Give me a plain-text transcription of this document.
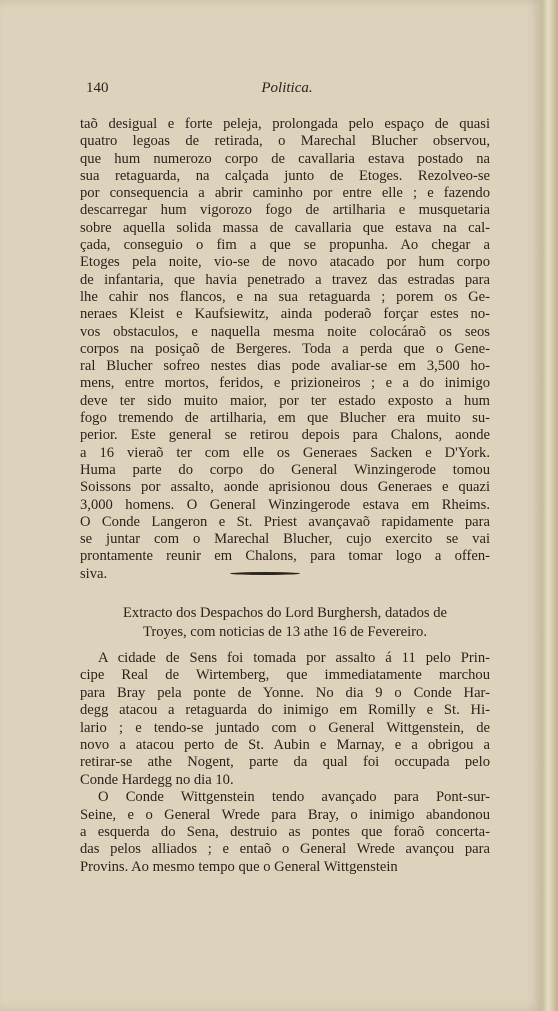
140	Politica.
taõ desigual e forte peleja, prolongada pelo espaço de quasi
quatro legoas de retirada, o Marechal Blucher observou,
que hum numerozo corpo de cavallaria estava postado na
sua retaguarda, na calçada junto de Etoges. Rezolveo-se
por consequencia a abrir caminho por entre elle ; e fazendo
descarregar hum vigorozo fogo de artilharia e musquetaria
sobre aquella solida massa de cavallaria que estava na cal-
çada, conseguio o fim a que se propunha. Ao chegar a
Etoges pela noite, vio-se de novo atacado por hum corpo
de infantaria, que havia penetrado a travez das estradas para
lhe cahir nos flancos, e na sua retaguarda ; porem os Ge-
neraes Kleist e Kaufsiewitz, ainda poderaõ forçar estes no-
vos obstaculos, e naquella mesma noite colocáraõ os seos
corpos na posiçaõ de Bergeres. Toda a perda que o Gene-
ral Blucher sofreo nestes dias pode avaliar-se em 3,500 ho-
mens, entre mortos, feridos, e prizioneiros ; e a do inimigo
deve ter sido muito maior, por ter estado exposto a hum
fogo tremendo de artilharia, em que Blucher era muito su-
perior. Este general se retirou depois para Chalons, aonde
a 16 vieraõ ter com elle os Generaes Sacken e D'York.
Huma parte do corpo do General Winzingerode tomou
Soissons por assalto, aonde aprisionou dous Generaes e quazi
3,000 homens. O General Winzingerode estava em Rheims.
O Conde Langeron e St. Priest avançavaõ rapidamente para
se juntar com o Marechal Blucher, cujo exercito se vai
prontamente reunir em Chalons, para tomar logo a offen-
siva.
Extracto dos Despachos do Lord Burghersh, datados de
Troyes, com noticias de 13 athe 16 de Fevereiro.
A cidade de Sens foi tomada por assalto á 11 pelo Prin-
cipe Real de Wirtemberg, que immediatamente marchou
para Bray pela ponte de Yonne. No dia 9 o Conde Har-
degg atacou a retaguarda do inimigo em Romilly e St. Hi-
lario ; e tendo-se juntado com o General Wittgenstein, de
novo a atacou perto de St. Aubin e Marnay, e a obrigou a
retirar-se athe Nogent, parte da qual foi occupada pelo
Conde Hardegg no dia 10.
O Conde Wittgenstein tendo avançado para Pont-sur-
Seine, e o General Wrede para Bray, o inimigo abandonou
a esquerda do Sena, destruio as pontes que foraõ concerta-
das pelos alliados ; e entaõ o General Wrede avançou para
Provins. Ao mesmo tempo que o General Wittgenstein
